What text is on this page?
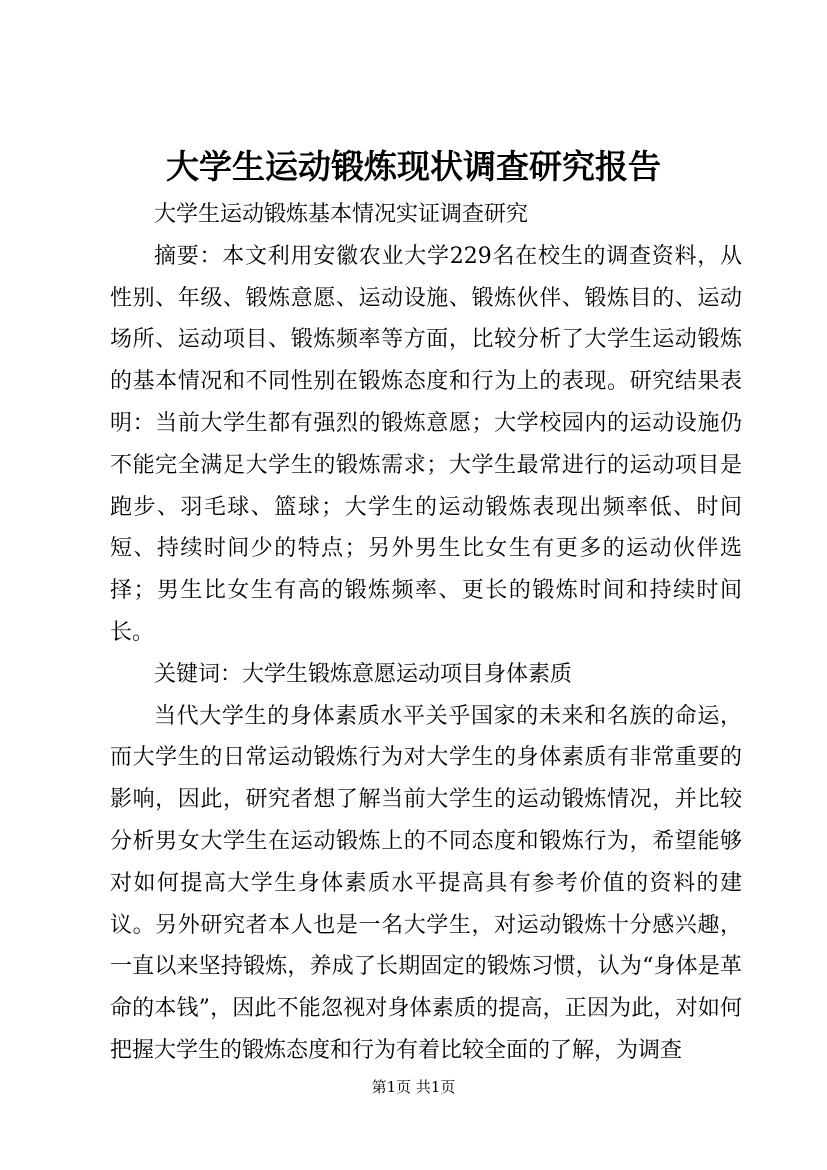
大学生运动锻炼现状调查研究报告

大学生运动锻炼基本情况实证调查研究

摘要：本文利用安徽农业大学229名在校生的调查资料，从性别、年级、锻炼意愿、运动设施、锻炼伙伴、锻炼目的、运动场所、运动项目、锻炼频率等方面，比较分析了大学生运动锻炼的基本情况和不同性别在锻炼态度和行为上的表现。研究结果表明：当前大学生都有强烈的锻炼意愿；大学校园内的运动设施仍不能完全满足大学生的锻炼需求；大学生最常进行的运动项目是跑步、羽毛球、篮球；大学生的运动锻炼表现出频率低、时间短、持续时间少的特点；另外男生比女生有更多的运动伙伴选择；男生比女生有高的锻炼频率、更长的锻炼时间和持续时间长。

关键词：大学生锻炼意愿运动项目身体素质

当代大学生的身体素质水平关乎国家的未来和名族的命运，而大学生的日常运动锻炼行为对大学生的身体素质有非常重要的影响，因此，研究者想了解当前大学生的运动锻炼情况，并比较分析男女大学生在运动锻炼上的不同态度和锻炼行为，希望能够对如何提高大学生身体素质水平提高具有参考价值的资料的建议。另外研究者本人也是一名大学生，对运动锻炼十分感兴趣，一直以来坚持锻炼，养成了长期固定的锻炼习惯，认为“身体是革命的本钱”，因此不能忽视对身体素质的提高，正因为此，对如何把握大学生的锻炼态度和行为有着比较全面的了解，为调查

第1页 共1页
